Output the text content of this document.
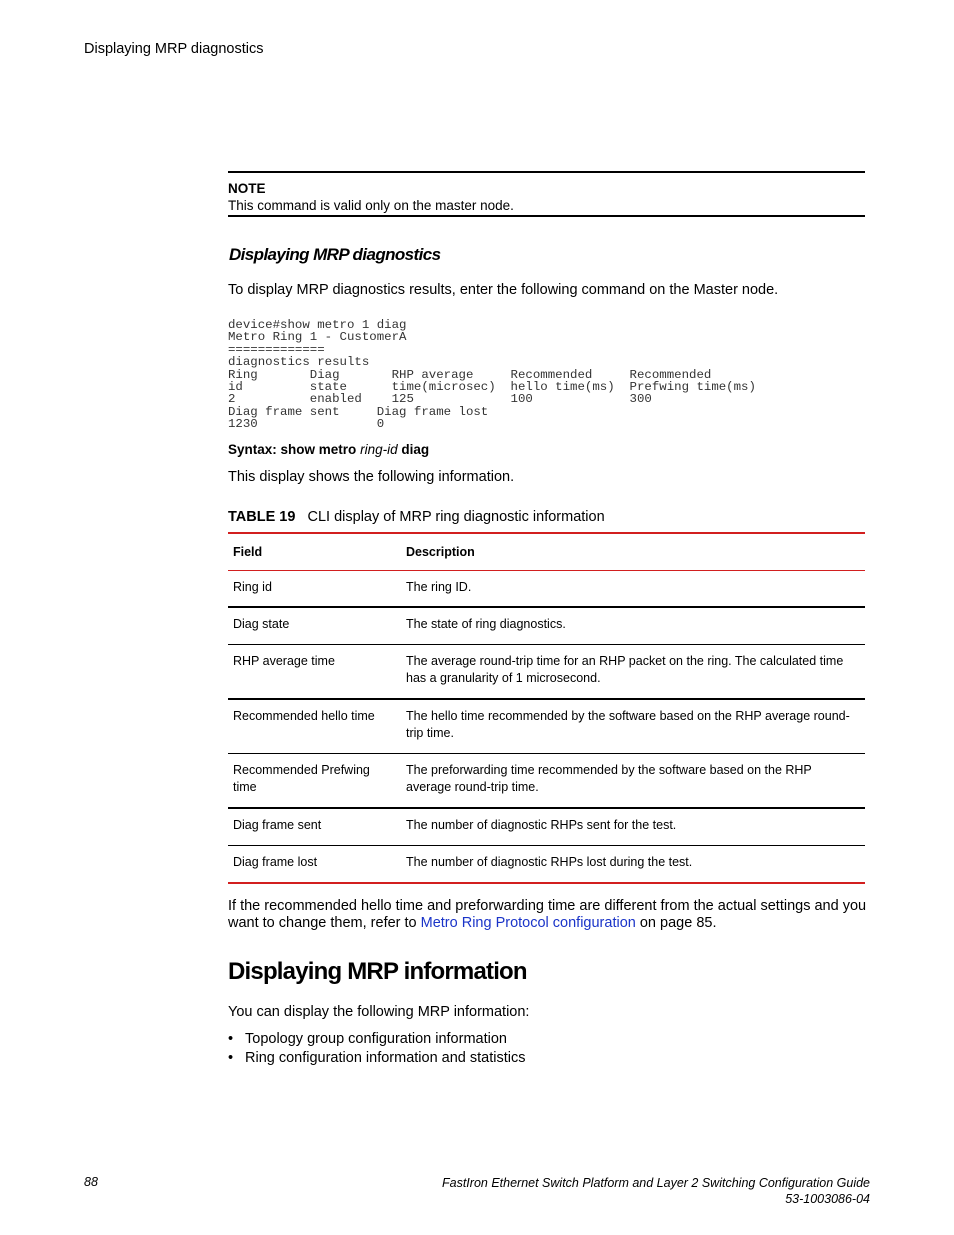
Displaying MRP diagnostics
NOTE
This command is valid only on the master node.
Displaying MRP diagnostics
To display MRP diagnostics results, enter the following command on the Master node.
device#show metro 1 diag
Metro Ring 1 - CustomerA
=============
diagnostics results
Ring       Diag       RHP average     Recommended     Recommended
id         state      time(microsec)  hello time(ms)  Prefwing time(ms)
2          enabled    125             100             300
Diag frame sent     Diag frame lost
1230                0
Syntax: show metro ring-id diag
This display shows the following information.
TABLE 19 CLI display of MRP ring diagnostic information
Field	Description
Ring id	The ring ID.
Diag state	The state of ring diagnostics.
RHP average time	The average round-trip time for an RHP packet on the ring. The calculated time has a granularity of 1 microsecond.
Recommended hello time	The hello time recommended by the software based on the RHP average round-trip time.
Recommended Prefwing time	The preforwarding time recommended by the software based on the RHP average round-trip time.
Diag frame sent	The number of diagnostic RHPs sent for the test.
Diag frame lost	The number of diagnostic RHPs lost during the test.
If the recommended hello time and preforwarding time are different from the actual settings and you want to change them, refer to Metro Ring Protocol configuration on page 85.
Displaying MRP information
You can display the following MRP information:
• Topology group configuration information
• Ring configuration information and statistics
88	FastIron Ethernet Switch Platform and Layer 2 Switching Configuration Guide
53-1003086-04
